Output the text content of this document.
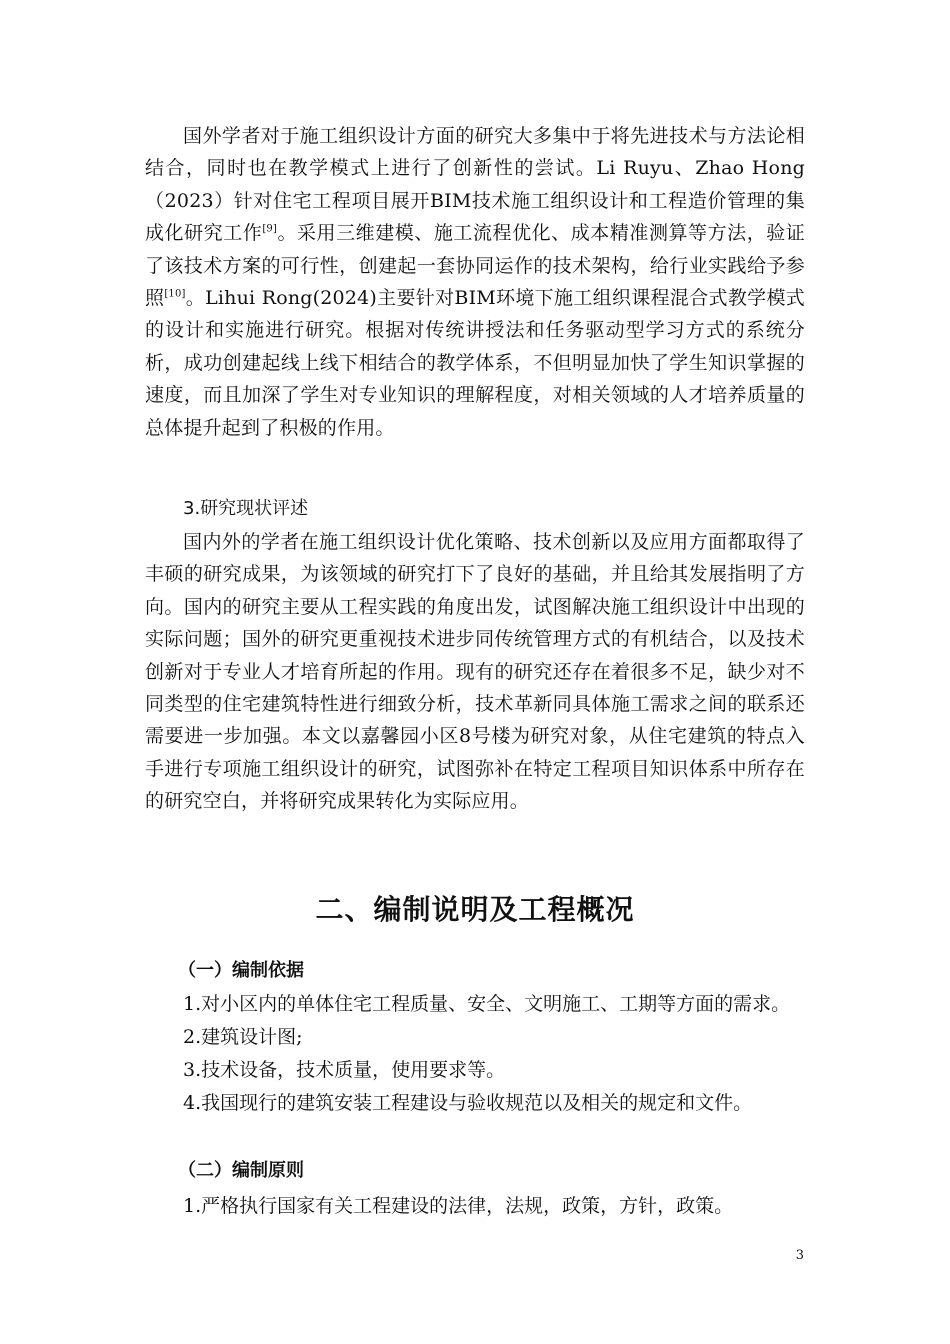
国外学者对于施工组织设计方面的研究大多集中于将先进技术与方法论相结合，同时也在教学模式上进行了创新性的尝试。Li Ruyu、Zhao Hong（2023）针对住宅工程项目展开BIM技术施工组织设计和工程造价管理的集成化研究工作[9]。采用三维建模、施工流程优化、成本精准测算等方法，验证了该技术方案的可行性，创建起一套协同运作的技术架构，给行业实践给予参照[10]。Lihui Rong(2024)主要针对BIM环境下施工组织课程混合式教学模式的设计和实施进行研究。根据对传统讲授法和任务驱动型学习方式的系统分析，成功创建起线上线下相结合的教学体系，不但明显加快了学生知识掌握的速度，而且加深了学生对专业知识的理解程度，对相关领域的人才培养质量的总体提升起到了积极的作用。

3.研究现状评述

国内外的学者在施工组织设计优化策略、技术创新以及应用方面都取得了丰硕的研究成果，为该领域的研究打下了良好的基础，并且给其发展指明了方向。国内的研究主要从工程实践的角度出发，试图解决施工组织设计中出现的实际问题；国外的研究更重视技术进步同传统管理方式的有机结合，以及技术创新对于专业人才培育所起的作用。现有的研究还存在着很多不足，缺少对不同类型的住宅建筑特性进行细致分析，技术革新同具体施工需求之间的联系还需要进一步加强。本文以嘉馨园小区8号楼为研究对象，从住宅建筑的特点入手进行专项施工组织设计的研究，试图弥补在特定工程项目知识体系中所存在的研究空白，并将研究成果转化为实际应用。

二、编制说明及工程概况
（一）编制依据
1.对小区内的单体住宅工程质量、安全、文明施工、工期等方面的需求。
2.建筑设计图;
3.技术设备，技术质量，使用要求等。
4.我国现行的建筑安装工程建设与验收规范以及相关的规定和文件。
（二）编制原则
1.严格执行国家有关工程建设的法律，法规，政策，方针，政策。
3
